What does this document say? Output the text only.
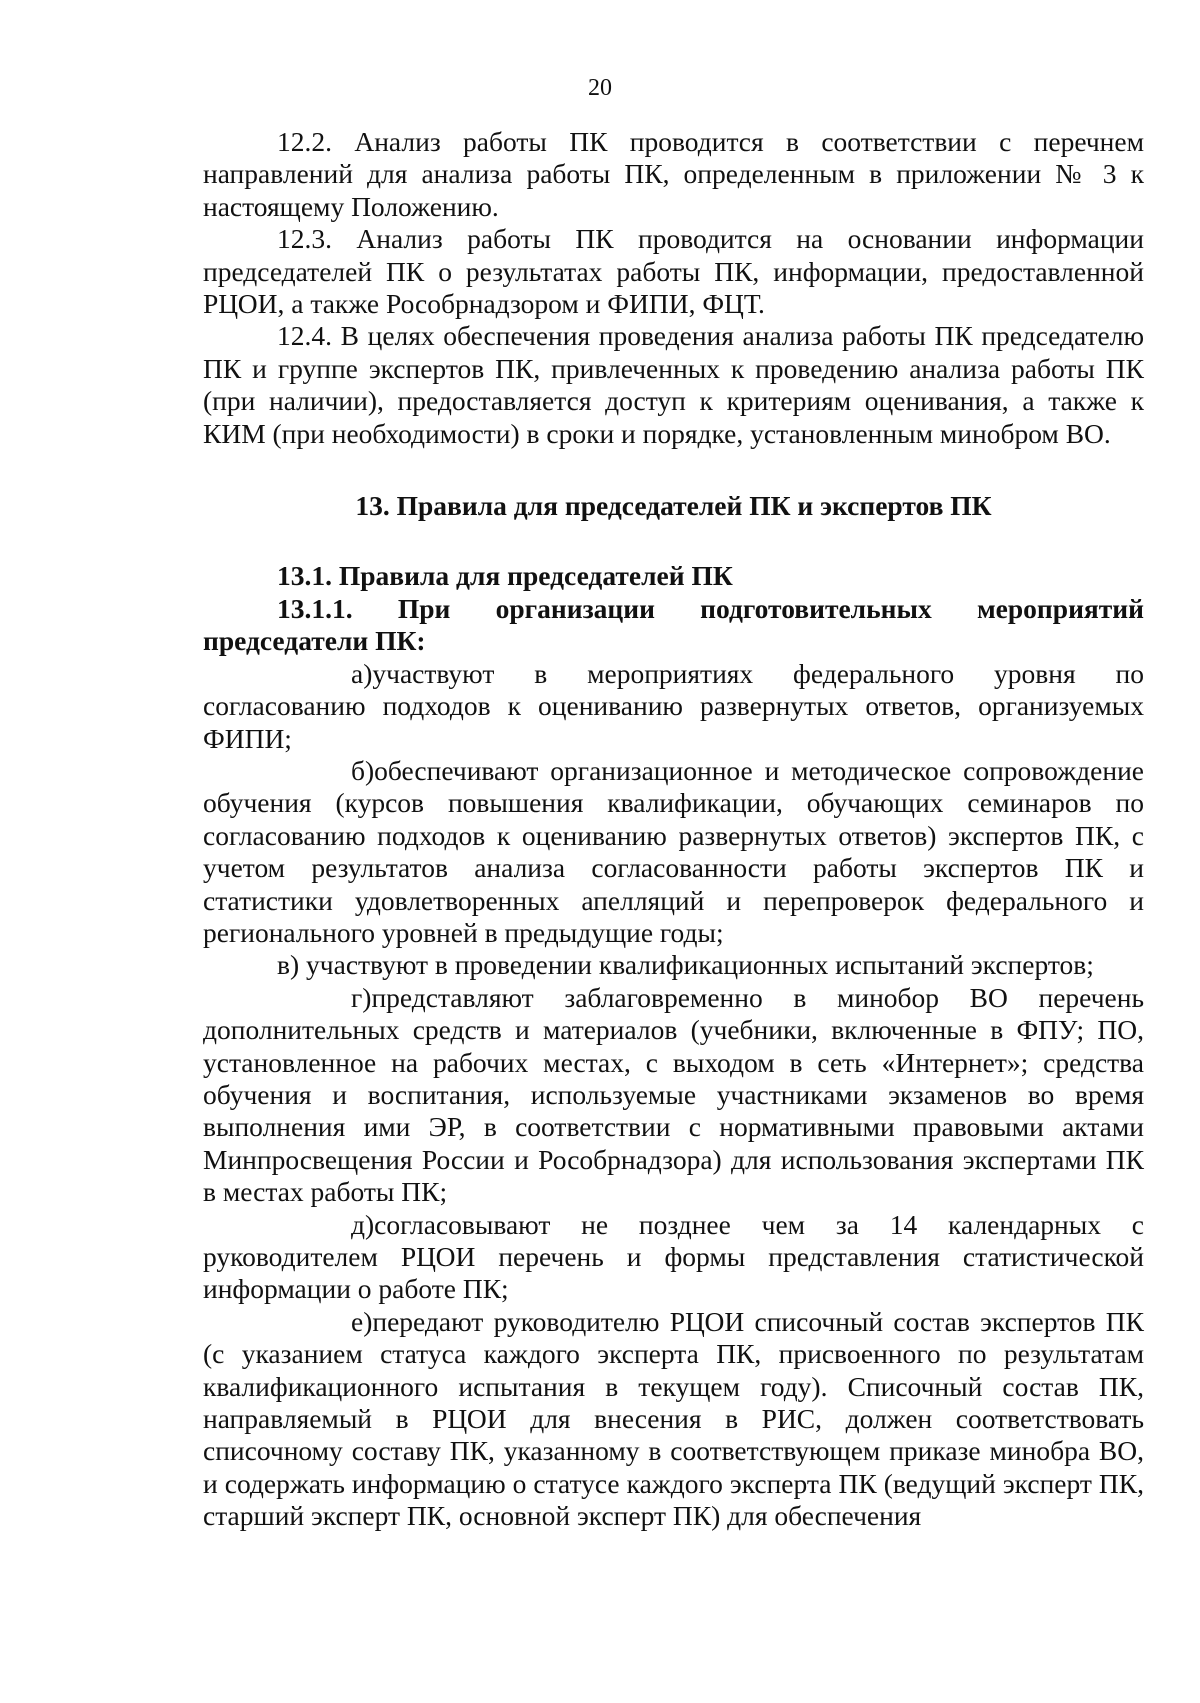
20

12.2. Анализ работы ПК проводится в соответствии с перечнем направлений для анализа работы ПК, определенным в приложении № 3 к настоящему Положению.

12.3. Анализ работы ПК проводится на основании информации председателей ПК о результатах работы ПК, информации, предоставленной РЦОИ, а также Рособрнадзором и ФИПИ, ФЦТ.

12.4. В целях обеспечения проведения анализа работы ПК председателю ПК и группе экспертов ПК, привлеченных к проведению анализа работы ПК (при наличии), предоставляется доступ к критериям оценивания, а также к КИМ (при необходимости) в сроки и порядке, установленным минобром ВО.

13. Правила для председателей ПК и экспертов ПК

13.1. Правила для председателей ПК

13.1.1. При организации подготовительных мероприятий председатели ПК:

а)участвуют в мероприятиях федерального уровня по согласованию подходов к оцениванию развернутых ответов, организуемых ФИПИ;

б)обеспечивают организационное и методическое сопровождение обучения (курсов повышения квалификации, обучающих семинаров по согласованию подходов к оцениванию развернутых ответов) экспертов ПК, с учетом результатов анализа согласованности работы экспертов ПК и статистики удовлетворенных апелляций и перепроверок федерального и регионального уровней в предыдущие годы;

в) участвуют в проведении квалификационных испытаний экспертов;

г)представляют заблаговременно в минобор ВО перечень дополнительных средств и материалов (учебники, включенные в ФПУ; ПО, установленное на рабочих местах, с выходом в сеть «Интернет»; средства обучения и воспитания, используемые участниками экзаменов во время выполнения ими ЭР, в соответствии с нормативными правовыми актами Минпросвещения России и Рособрнадзора) для использования экспертами ПК в местах работы ПК;

д)согласовывают не позднее чем за 14 календарных с руководителем РЦОИ перечень и формы представления статистической информации о работе ПК;

е)передают руководителю РЦОИ списочный состав экспертов ПК (с указанием статуса каждого эксперта ПК, присвоенного по результатам квалификационного испытания в текущем году). Списочный состав ПК, направляемый в РЦОИ для внесения в РИС, должен соответствовать списочному составу ПК, указанному в соответствующем приказе минобра ВО, и содержать информацию о статусе каждого эксперта ПК (ведущий эксперт ПК, старший эксперт ПК, основной эксперт ПК) для обеспечения
